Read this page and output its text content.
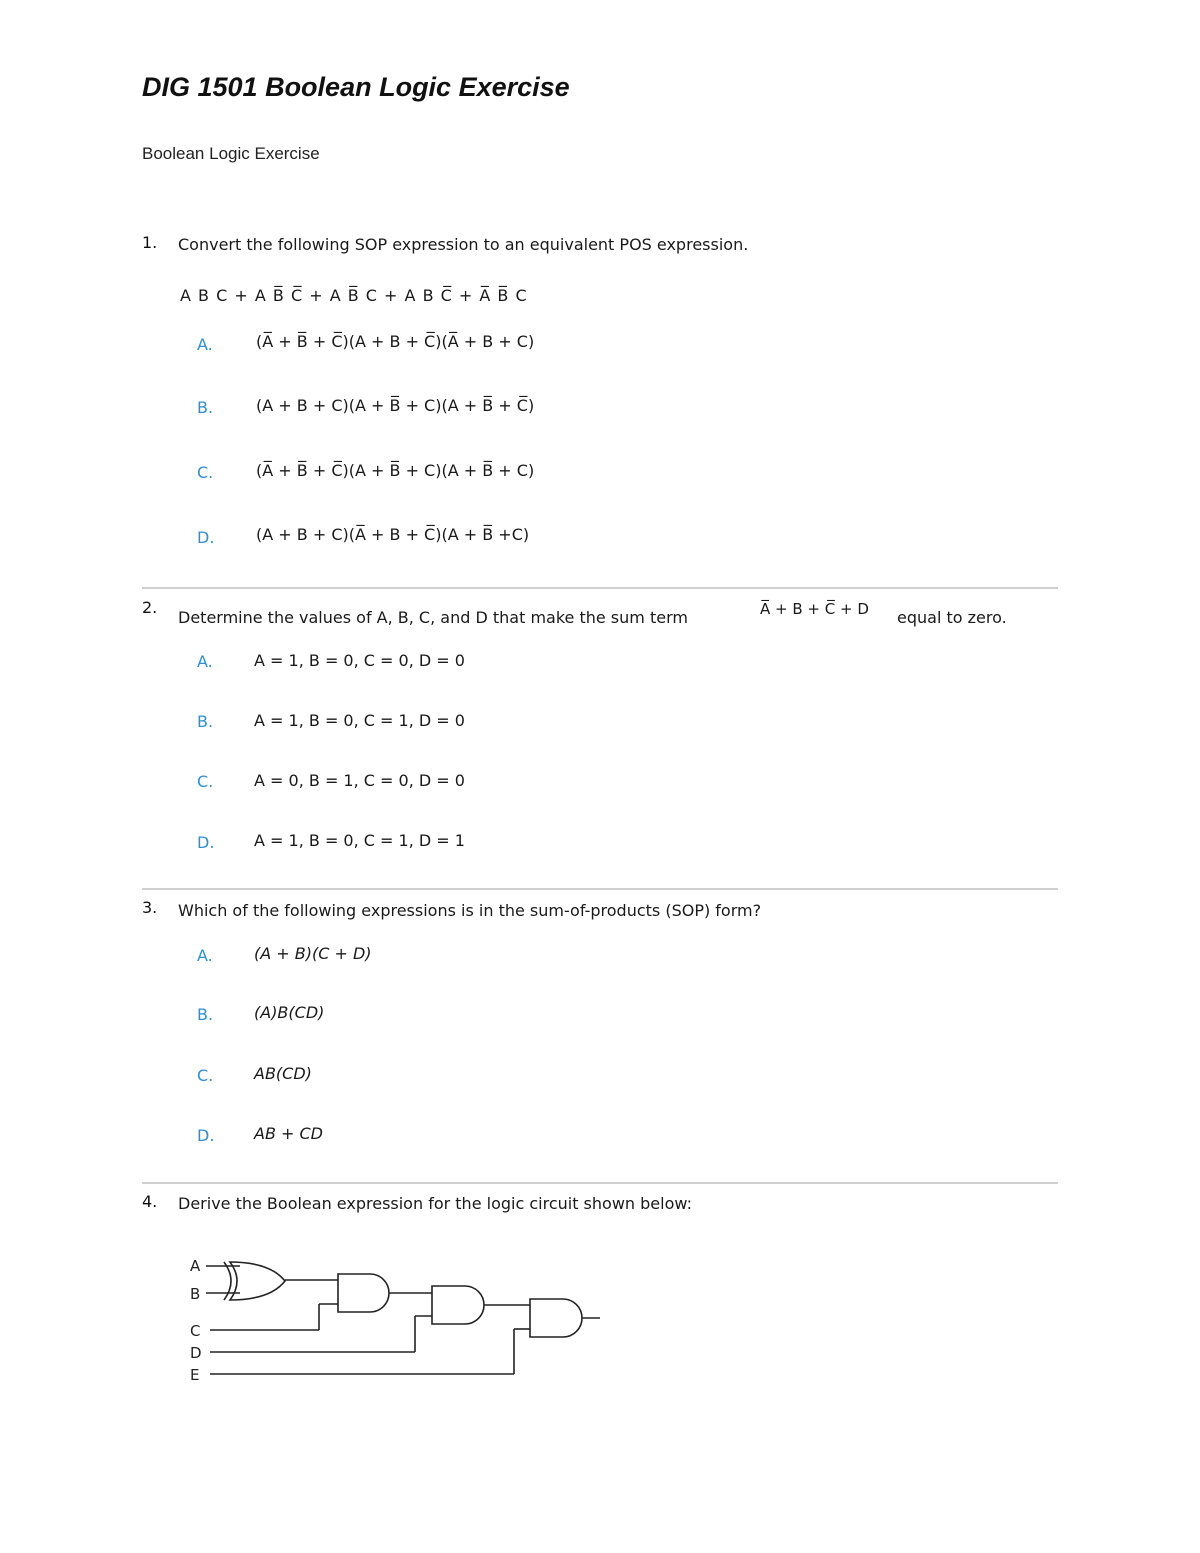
DIG 1501 Boolean Logic Exercise
Boolean Logic Exercise
1. Convert the following SOP expression to an equivalent POS expression.
A B C + A B̅ C̅ + A B̅ C + A B C̅ + A̅ B̅ C
A.	(A̅ + B̅ + C̅)(A + B + C̅)(A̅ + B + C)
B.	(A + B + C)(A + B̅ + C)(A + B̅ + C̅)
C.	(A̅ + B̅ + C̅)(A + B̅ + C)(A + B̅ + C)
D.	(A + B + C)(A̅ + B + C̅)(A + B̅ +C)
2.
Determine the values of A, B, C, and D that make the sum term	A̅ + B + C̅ + D equal to zero.
A.	A = 1, B = 0, C = 0, D = 0
B.	A = 1, B = 0, C = 1, D = 0
C.	A = 0, B = 1, C = 0, D = 0
D. A = 1, B = 0, C = 1, D = 1
3. Which of the following expressions is in the sum-of-products (SOP) form?
A.	(A + B)(C + D)
B.	(A)B(CD)
C.	AB(CD)
D. AB + CD
4. Derive the Boolean expression for the logic circuit shown below:
A
B
C
D
E
